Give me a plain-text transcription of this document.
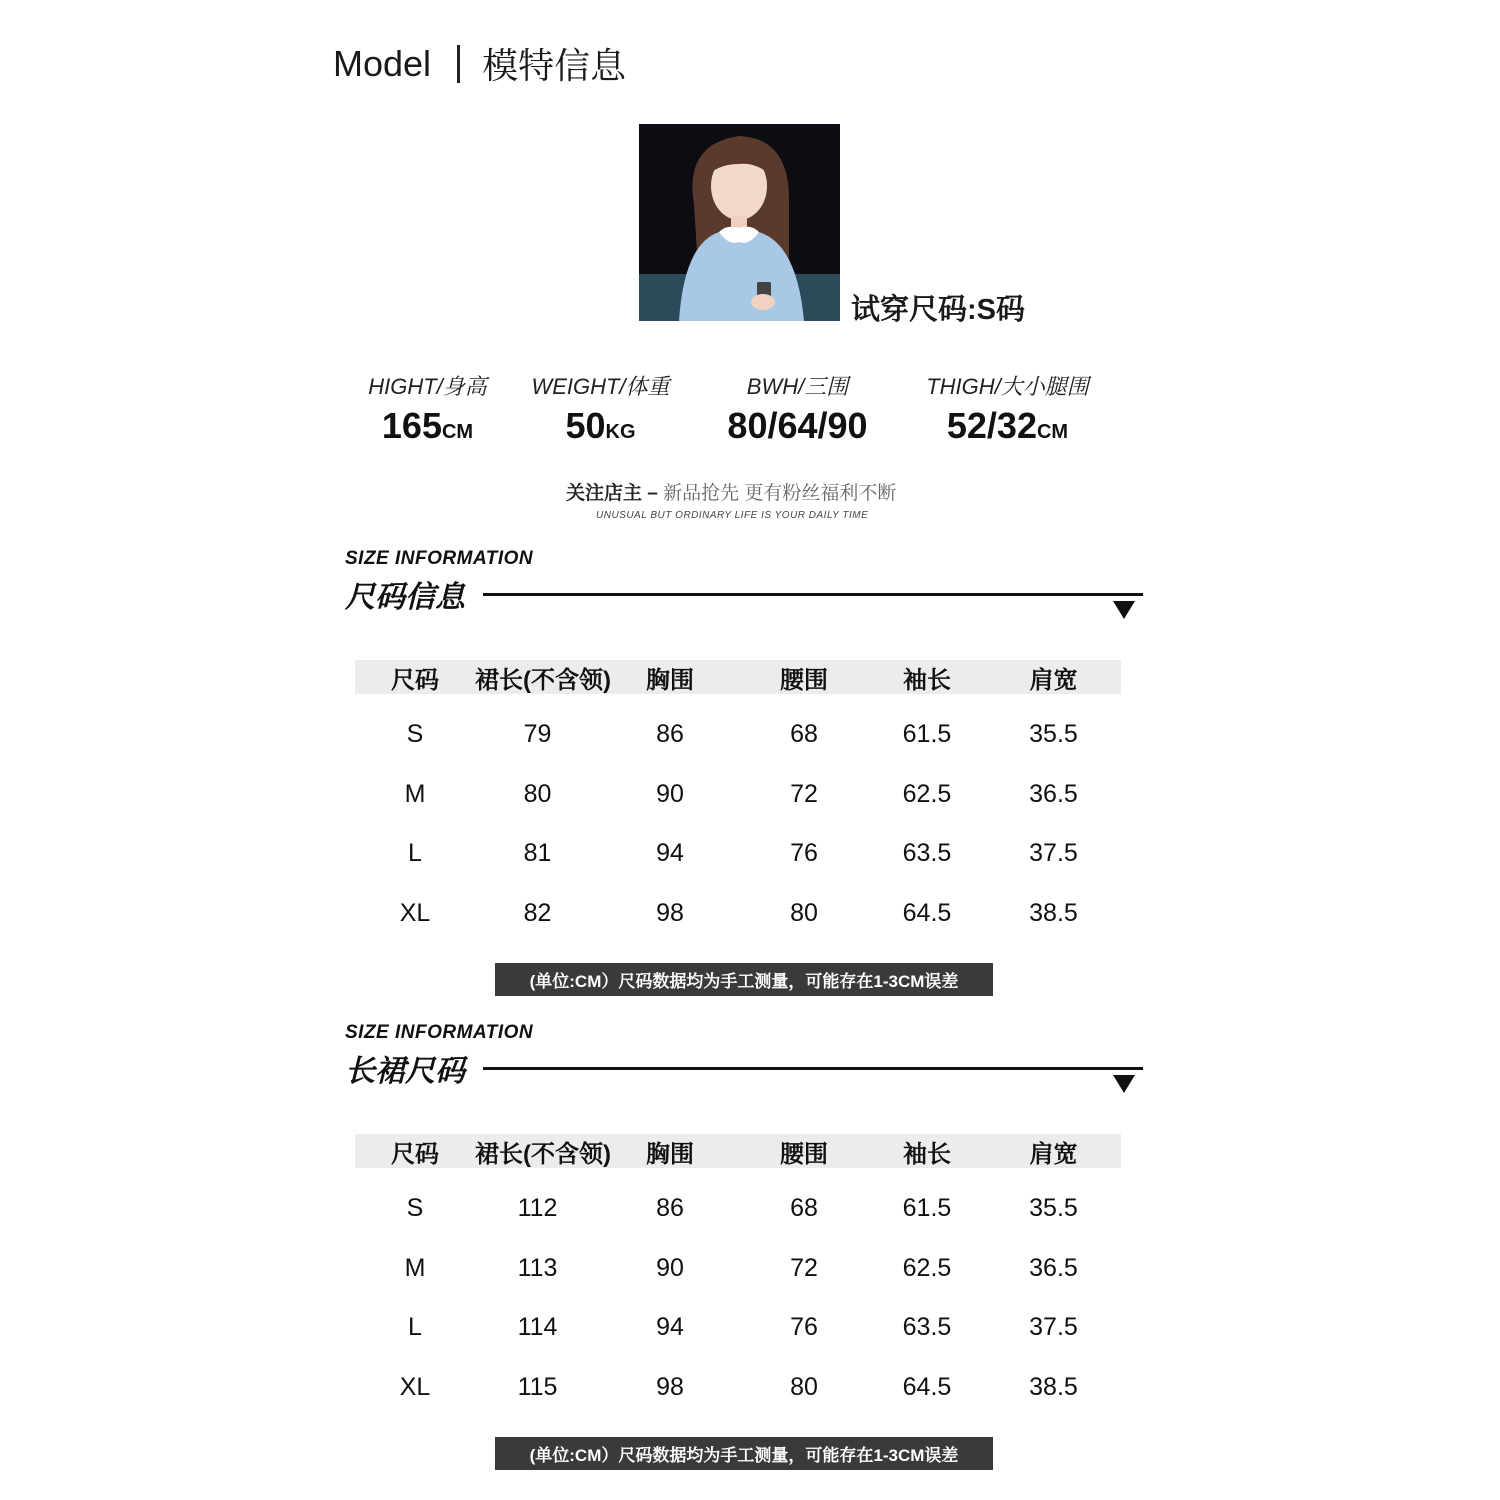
Model 模特信息
试穿尺码:S码
HIGHT/身高
165CM
WEIGHT/体重
50KG
BWH/三围
80/64/90
THIGH/大小腿围
52/32CM
关注店主 – 新品抢先 更有粉丝福利不断
UNUSUAL BUT ORDINARY LIFE IS YOUR DAILY TIME
SIZE INFORMATION
尺码信息
尺码	裙长(不含领)	胸围	腰围	袖长	肩宽
S	79	86	68	61.5	35.5
M	80	90	72	62.5	36.5
L	81	94	76	63.5	37.5
XL	82	98	80	64.5	38.5
(单位:CM）尺码数据均为手工测量，可能存在1-3CM误差
SIZE INFORMATION
长裙尺码
尺码	裙长(不含领)	胸围	腰围	袖长	肩宽
S	112	86	68	61.5	35.5
M	113	90	72	62.5	36.5
L	114	94	76	63.5	37.5
XL	115	98	80	64.5	38.5
(单位:CM）尺码数据均为手工测量，可能存在1-3CM误差
